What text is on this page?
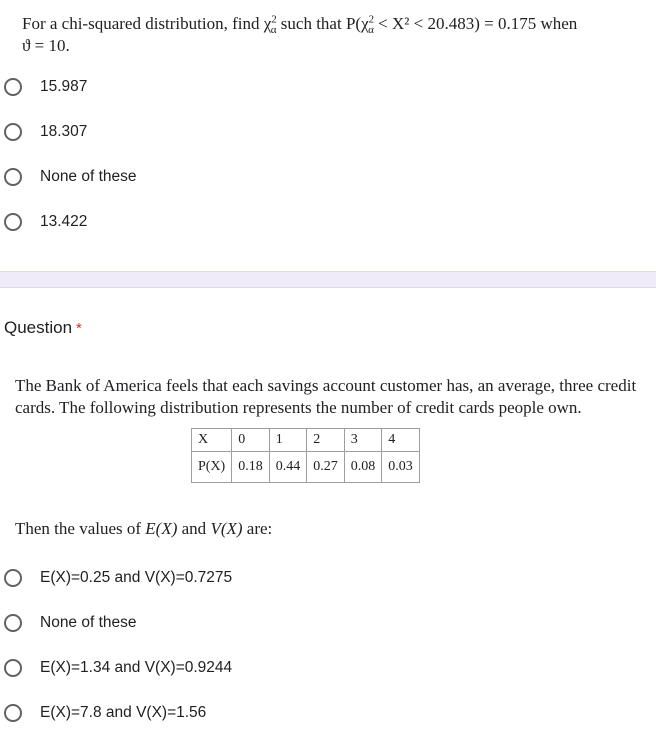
For a chi-squared distribution, find $\chi^2_\alpha$ such that $P(\chi^2_\alpha < X^2 < 20.483) = 0.175$ when
ϑ = 10.
15.987
18.307
None of these
13.422
Question *
The Bank of America feels that each savings account customer has, an average, three credit cards. The following distribution represents the number of credit cards people own.
X	0	1	2	3	4
P(X)	0.18	0.44	0.27	0.08	0.03
Then the values of E(X) and V(X) are:
E(X)=0.25 and V(X)=0.7275
None of these
E(X)=1.34 and V(X)=0.9244
E(X)=7.8 and V(X)=1.56
